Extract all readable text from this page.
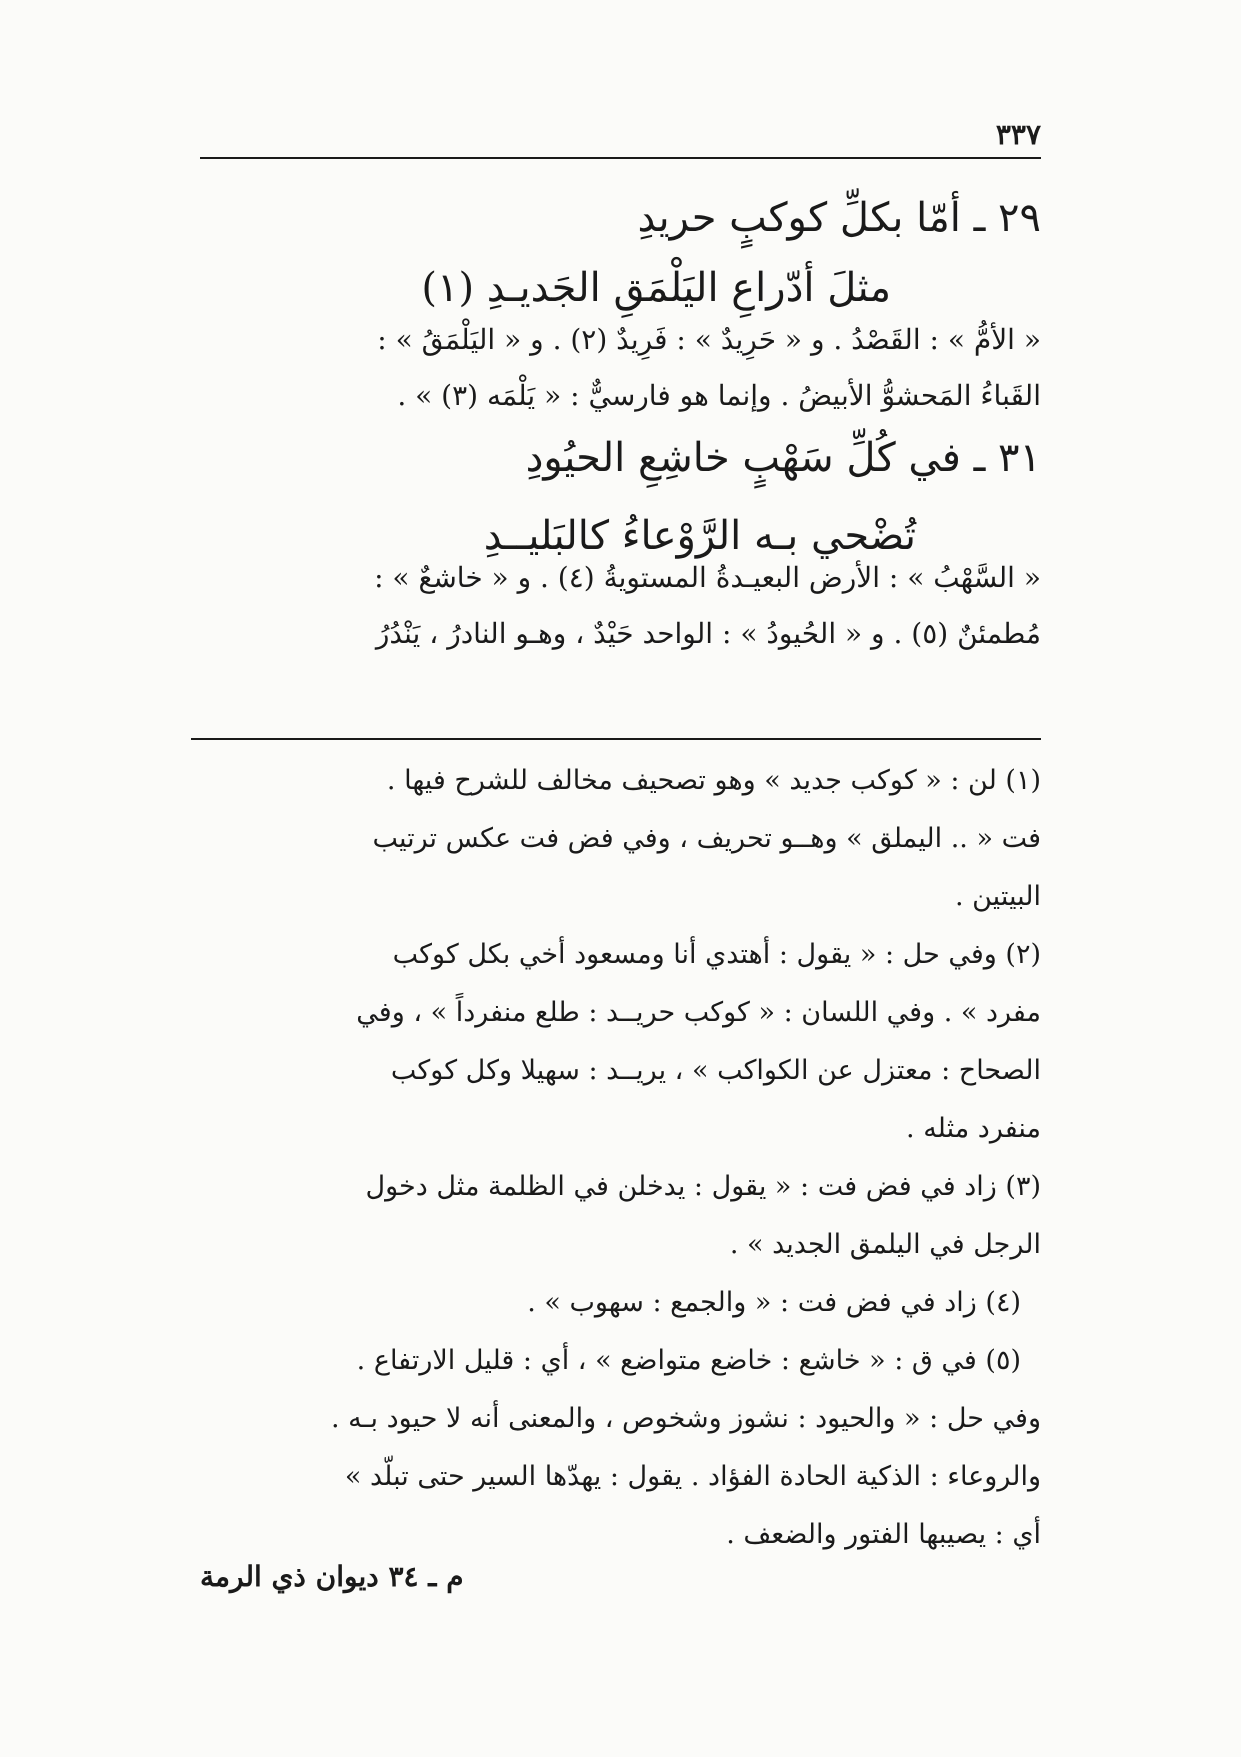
٣٣٧
٢٩ ـ أمّا بكلِّ كوكبٍ حريدِ
مثلَ أدّراعِ اليَلْمَقِ الجَديـدِ (١)
« الأمُّ » : القَصْدُ . و « حَرِيدٌ » : فَرِيدٌ (٢) . و « اليَلْمَقُ » :
القَباءُ المَحشوُّ الأبيضُ . وإنما هو فارسيٌّ : « يَلْمَه (٣) » .
٣١ ـ في كُلِّ سَهْبٍ خاشِعِ الحيُودِ
تُضْحي بـه الرَّوْعاءُ كالبَليــدِ
« السَّهْبُ » : الأرض البعيـدةُ المستويةُ (٤) . و « خاشعٌ » :
مُطمئنٌ (٥) . و « الحُيودُ » : الواحد حَيْدٌ ، وهـو النادرُ ، يَنْدُرُ
(١) لن : « كوكب جديد » وهو تصحيف مخالف للشرح فيها .
فت « .. اليملق » وهــو تحريف ، وفي فض فت عكس ترتيب
البيتين .
(٢) وفي حل : « يقول : أهتدي أنا ومسعود أخي بكل كوكب
مفرد » . وفي اللسان : « كوكب حريــد : طلع منفرداً » ، وفي
الصحاح : معتزل عن الكواكب » ، يريــد : سهيلا وكل كوكب
منفرد مثله .
(٣) زاد في فض فت : « يقول : يدخلن في الظلمة مثل دخول
الرجل في اليلمق الجديد » .
(٤) زاد في فض فت : « والجمع : سهوب » .
(٥) في ق : « خاشع : خاضع متواضع » ، أي : قليل الارتفاع .
وفي حل : « والحيود : نشوز وشخوص ، والمعنى أنه لا حيود بـه .
والروعاء : الذكية الحادة الفؤاد . يقول : يهدّها السير حتى تبلّد »
أي : يصيبها الفتور والضعف .
م ـ ٣٤ ديوان ذي الرمة
